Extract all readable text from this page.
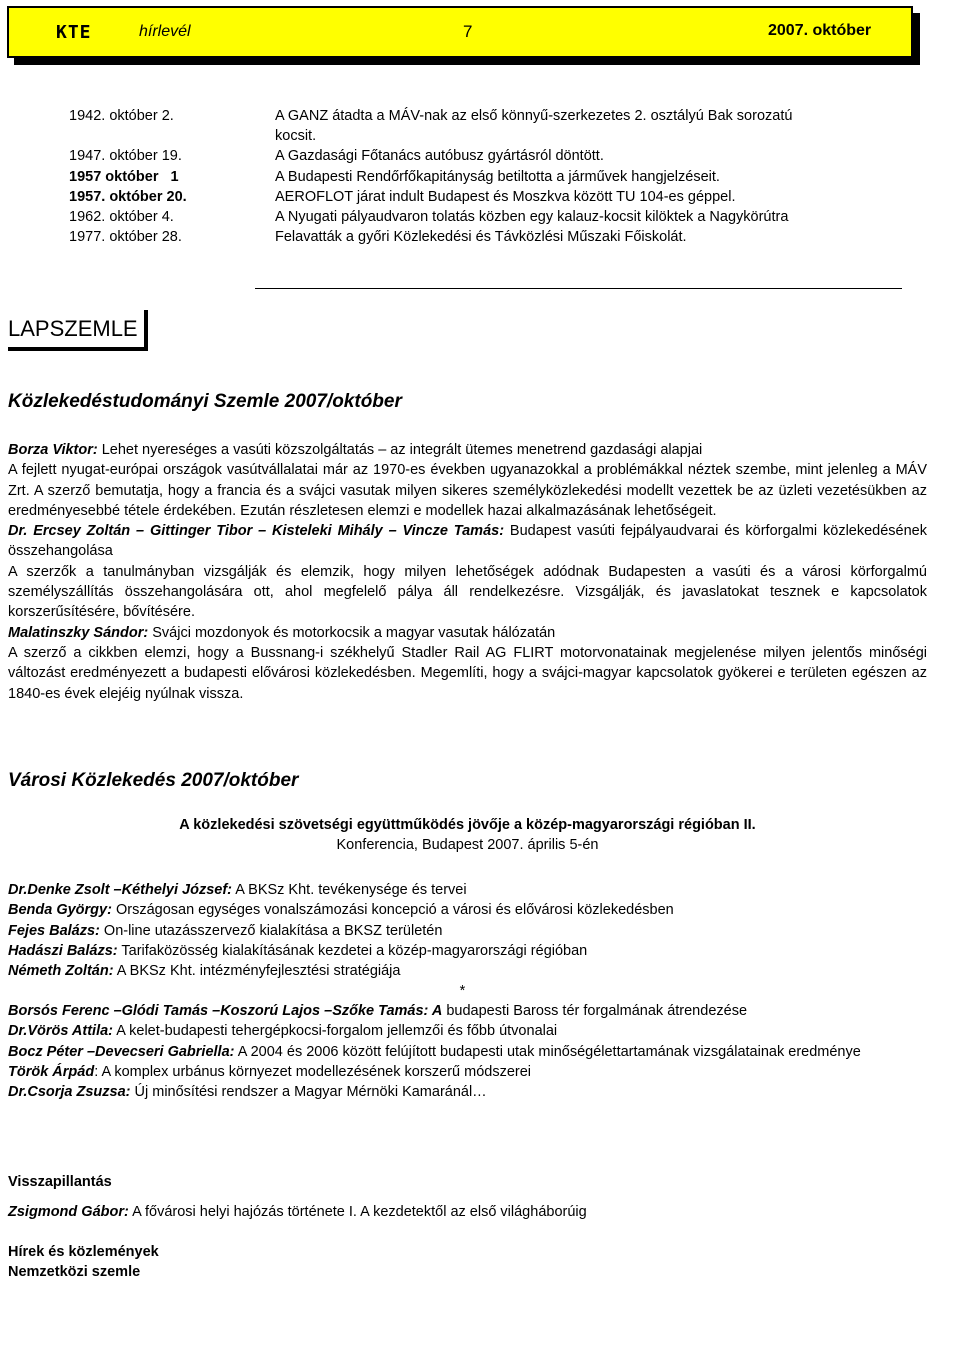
KTE	hírlevél	7	2007. október
1942. október 2.	A GANZ átadta a MÁV-nak az első könnyű-szerkezetes 2. osztályú Bak sorozatú kocsit.
1947. október 19.	A Gazdasági Főtanács autóbusz gyártásról döntött.
1957 október   1	A Budapesti Rendőrfőkapitányság betiltotta a járművek hangjelzéseit.
1957. október 20.	AEROFLOT járat indult Budapest és Moszkva között TU 104-es géppel.
1962. október 4.	A Nyugati pályaudvaron tolatás közben egy kalauz-kocsit kilöktek a Nagykörútra
1977. október 28.	Felavatták a győri Közlekedési és Távközlési Műszaki Főiskolát.
LAPSZEMLE
Közlekedéstudományi Szemle 2007/október

Borza Viktor: Lehet nyereséges a vasúti közszolgáltatás – az integrált ütemes menetrend gazdasági alapjai

A fejlett nyugat-európai országok vasútvállalatai már az 1970-es években ugyanazokkal a problémákkal néztek szembe, mint jelenleg a MÁV Zrt. A szerző bemutatja, hogy a francia és a svájci vasutak milyen sikeres személyközlekedési modellt vezettek be az üzleti vezetésükben az eredményesebbé tétele érdekében. Ezután részletesen elemzi e modellek hazai alkalmazásának lehetőségeit.

Dr. Ercsey Zoltán – Gittinger Tibor – Kisteleki Mihály – Vincze Tamás: Budapest vasúti fejpályaudvarai és körforgalmi közlekedésének összehangolása

A szerzők a tanulmányban vizsgálják és elemzik, hogy milyen lehetőségek adódnak Budapesten a vasúti és a városi körforgalmú személyszállítás összehangolására ott, ahol megfelelő pálya áll rendelkezésre. Vizsgálják, és javaslatokat tesznek e kapcsolatok korszerűsítésére, bővítésére.

Malatinszky Sándor: Svájci mozdonyok és motorkocsik a magyar vasutak hálózatán

A szerző a cikkben elemzi, hogy a Bussnang-i székhelyű Stadler Rail AG FLIRT motorvonatainak megjelenése milyen jelentős minőségi változást eredményezett a budapesti elővárosi közlekedésben. Megemlíti, hogy a svájci-magyar kapcsolatok gyökerei e területen egészen az 1840-es évek elejéig nyúlnak vissza.

Városi Közlekedés 2007/október

A közlekedési szövetségi együttműködés jövője a közép-magyarországi régióban II.

Konferencia, Budapest 2007. április 5-én

Dr.Denke Zsolt –Kéthelyi József: A BKSz Kht. tevékenysége és tervei

Benda György: Országosan egységes vonalszámozási koncepció a városi és elővárosi közlekedésben

Fejes Balázs: On-line utazásszervező kialakítása a BKSZ területén

Hadászi Balázs: Tarifaközösség kialakításának kezdetei a közép-magyarországi régióban

Németh Zoltán: A BKSz Kht. intézményfejlesztési stratégiája

*

Borsós Ferenc –Glódi Tamás –Koszorú Lajos –Szőke Tamás: A budapesti Baross tér forgalmának átrendezése

Dr.Vörös Attila: A kelet-budapesti tehergépkocsi-forgalom jellemzői és főbb útvonalai

Bocz Péter –Devecseri Gabriella: A 2004 és 2006 között felújított budapesti utak minőségélettartamának vizsgálatainak eredménye

Török Árpád: A komplex urbánus környezet modellezésének korszerű módszerei

Dr.Csorja Zsuzsa: Új minősítési rendszer a Magyar Mérnöki Kamaránál…

Visszapillantás

Zsigmond Gábor: A fővárosi helyi hajózás története I. A kezdetektől az első világháborúig

Hírek és közlemények

Nemzetközi szemle
